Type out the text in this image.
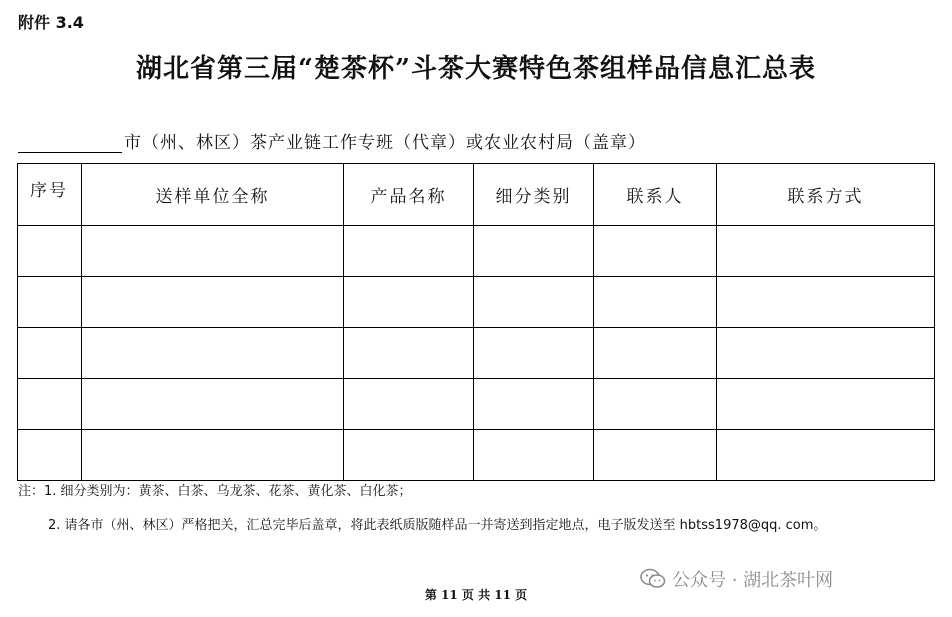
附件 3.4
湖北省第三届“楚茶杯”斗茶大赛特色茶组样品信息汇总表
市（州、林区）茶产业链工作专班（代章）或农业农村局（盖章）
序号	送样单位全称	产品名称	细分类别	联系人	联系方式

注：1. 细分类别为：黄茶、白茶、乌龙茶、花茶、黄化茶、白化茶；
2. 请各市（州、林区）严格把关，汇总完毕后盖章，将此表纸质版随样品一并寄送到指定地点，电子版发送至 hbtss1978@qq. com。
第 11 页 共 11 页
公众号 · 湖北茶叶网
